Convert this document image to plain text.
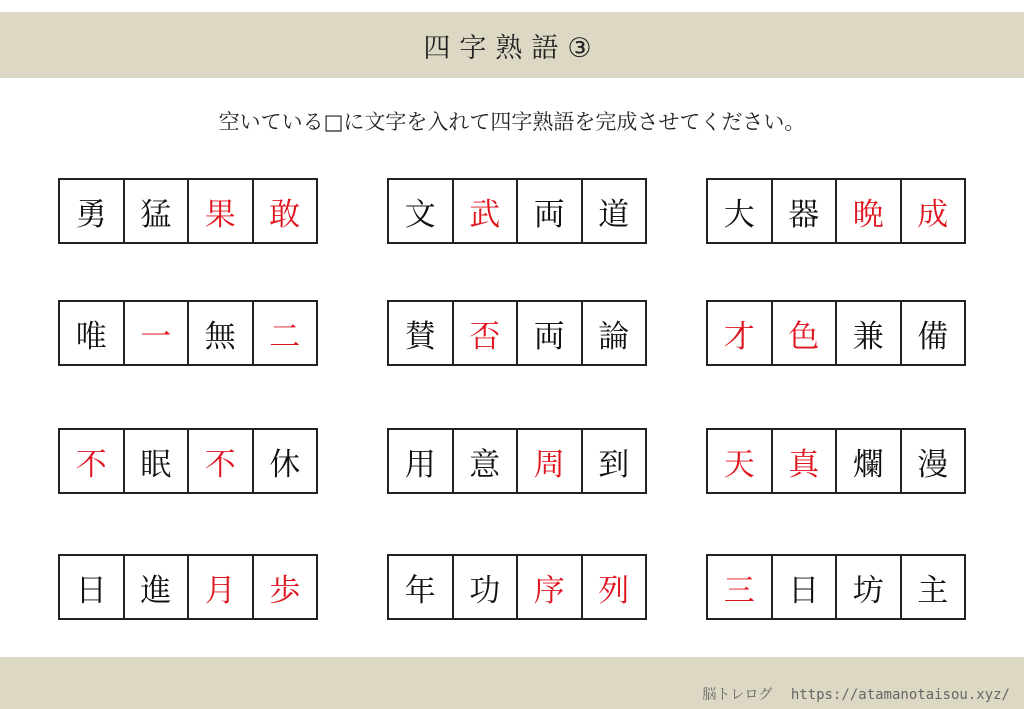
四字熟語③
空いている□に文字を入れて四字熟語を完成させてください。
勇	猛	果	敢	文	武	両	道	大	器	晩	成
唯	一	無	二	賛	否	両	論	才	色	兼	備
不	眠	不	休	用	意	周	到	天	真	爛	漫
日	進	月	歩	年	功	序	列	三	日	坊	主
脳トレログ https://atamanotaisou.xyz/
